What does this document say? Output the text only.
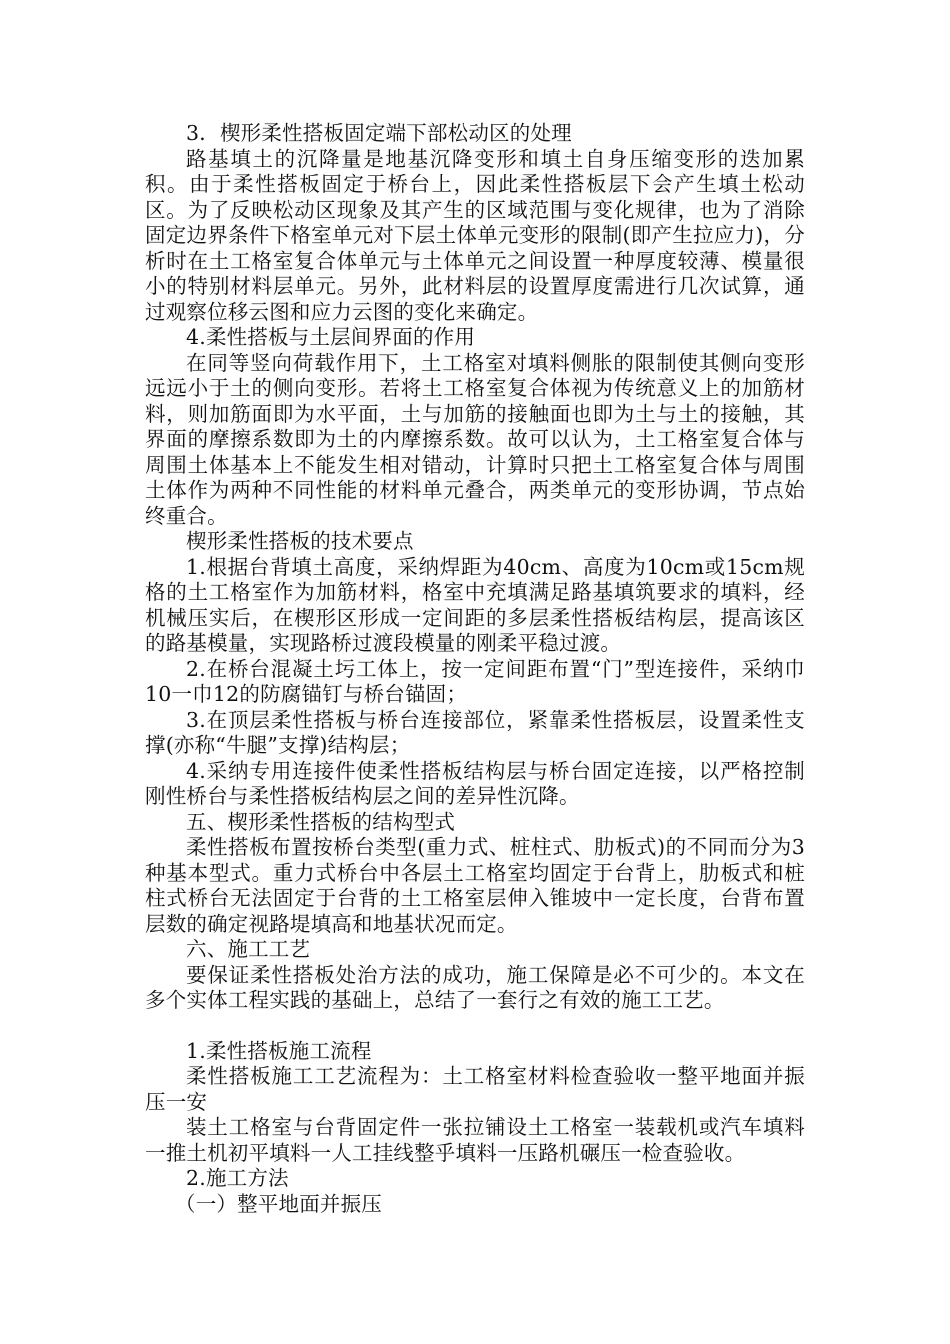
3．楔形柔性搭板固定端下部松动区的处理

路基填土的沉降量是地基沉降变形和填土自身压缩变形的迭加累积。由于柔性搭板固定于桥台上，因此柔性搭板层下会产生填土松动区。为了反映松动区现象及其产生的区域范围与变化规律，也为了消除固定边界条件下格室单元对下层土体单元变形的限制(即产生拉应力)，分析时在土工格室复合体单元与土体单元之间设置一种厚度较薄、模量很小的特别材料层单元。另外，此材料层的设置厚度需进行几次试算，通过观察位移云图和应力云图的变化来确定。

4.柔性搭板与土层间界面的作用

在同等竖向荷载作用下，土工格室对填料侧胀的限制使其侧向变形远远小于土的侧向变形。若将土工格室复合体视为传统意义上的加筋材料，则加筋面即为水平面，土与加筋的接触面也即为土与土的接触，其界面的摩擦系数即为土的内摩擦系数。故可以认为，土工格室复合体与周围土体基本上不能发生相对错动，计算时只把土工格室复合体与周围土体作为两种不同性能的材料单元叠合，两类单元的变形协调，节点始终重合。

楔形柔性搭板的技术要点

1.根据台背填土高度，采纳焊距为40cm、高度为10cm或15cm规格的土工格室作为加筋材料，格室中充填满足路基填筑要求的填料，经机械压实后，在楔形区形成一定间距的多层柔性搭板结构层，提高该区的路基模量，实现路桥过渡段模量的刚柔平稳过渡。

2.在桥台混凝土圬工体上，按一定间距布置“门”型连接件，采纳巾10一巾12的防腐锚钉与桥台锚固；

3.在顶层柔性搭板与桥台连接部位，紧靠柔性搭板层，设置柔性支撑(亦称“牛腿”支撑)结构层；

4.采纳专用连接件使柔性搭板结构层与桥台固定连接，以严格控制刚性桥台与柔性搭板结构层之间的差异性沉降。

五、楔形柔性搭板的结构型式

柔性搭板布置按桥台类型(重力式、桩柱式、肋板式)的不同而分为3种基本型式。重力式桥台中各层土工格室均固定于台背上，肋板式和桩柱式桥台无法固定于台背的土工格室层伸入锥坡中一定长度，台背布置层数的确定视路堤填高和地基状况而定。

六、施工工艺

要保证柔性搭板处治方法的成功，施工保障是必不可少的。本文在多个实体工程实践的基础上，总结了一套行之有效的施工工艺。

1.柔性搭板施工流程

柔性搭板施工工艺流程为：土工格室材料检查验收一整平地面并振压一安

装土工格室与台背固定件一张拉铺设土工格室一装载机或汽车填料一推土机初平填料一人工挂线整乎填料一压路机碾压一检查验收。

2.施工方法

（一）整平地面并振压
